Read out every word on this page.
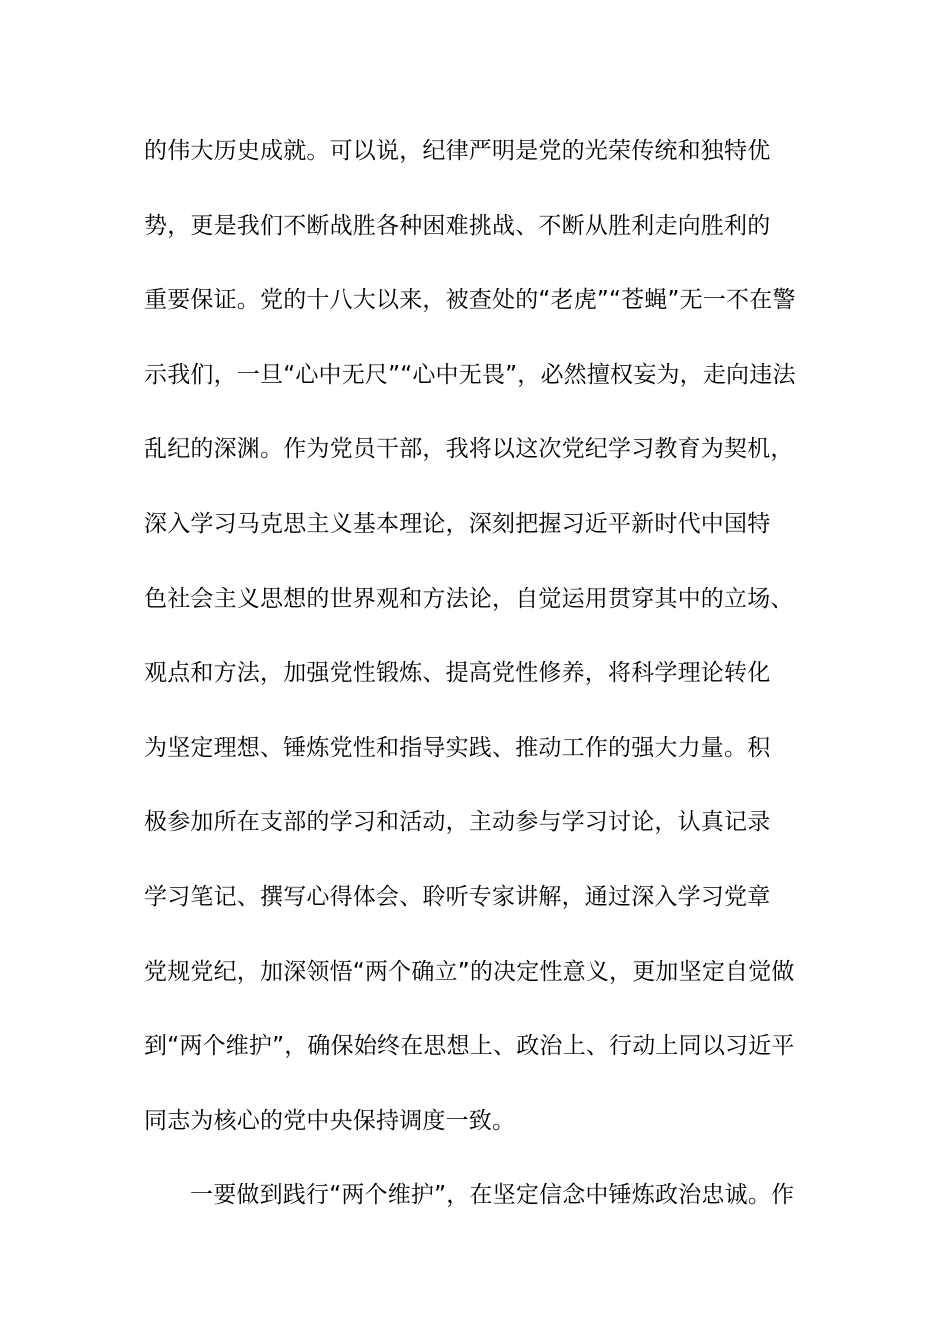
的伟大历史成就。可以说，纪律严明是党的光荣传统和独特优
势，更是我们不断战胜各种困难挑战、不断从胜利走向胜利的
重要保证。党的十八大以来，被查处的“老虎”“苍蝇”无一不在警
示我们，一旦“心中无尺”“心中无畏”，必然擅权妄为，走向违法
乱纪的深渊。作为党员干部，我将以这次党纪学习教育为契机，
深入学习马克思主义基本理论，深刻把握习近平新时代中国特
色社会主义思想的世界观和方法论，自觉运用贯穿其中的立场、
观点和方法，加强党性锻炼、提高党性修养，将科学理论转化
为坚定理想、锤炼党性和指导实践、推动工作的强大力量。积
极参加所在支部的学习和活动，主动参与学习讨论，认真记录
学习笔记、撰写心得体会、聆听专家讲解，通过深入学习党章
党规党纪，加深领悟“两个确立”的决定性意义，更加坚定自觉做
到“两个维护”，确保始终在思想上、政治上、行动上同以习近平
同志为核心的党中央保持调度一致。
一要做到践行“两个维护”，在坚定信念中锤炼政治忠诚。作
